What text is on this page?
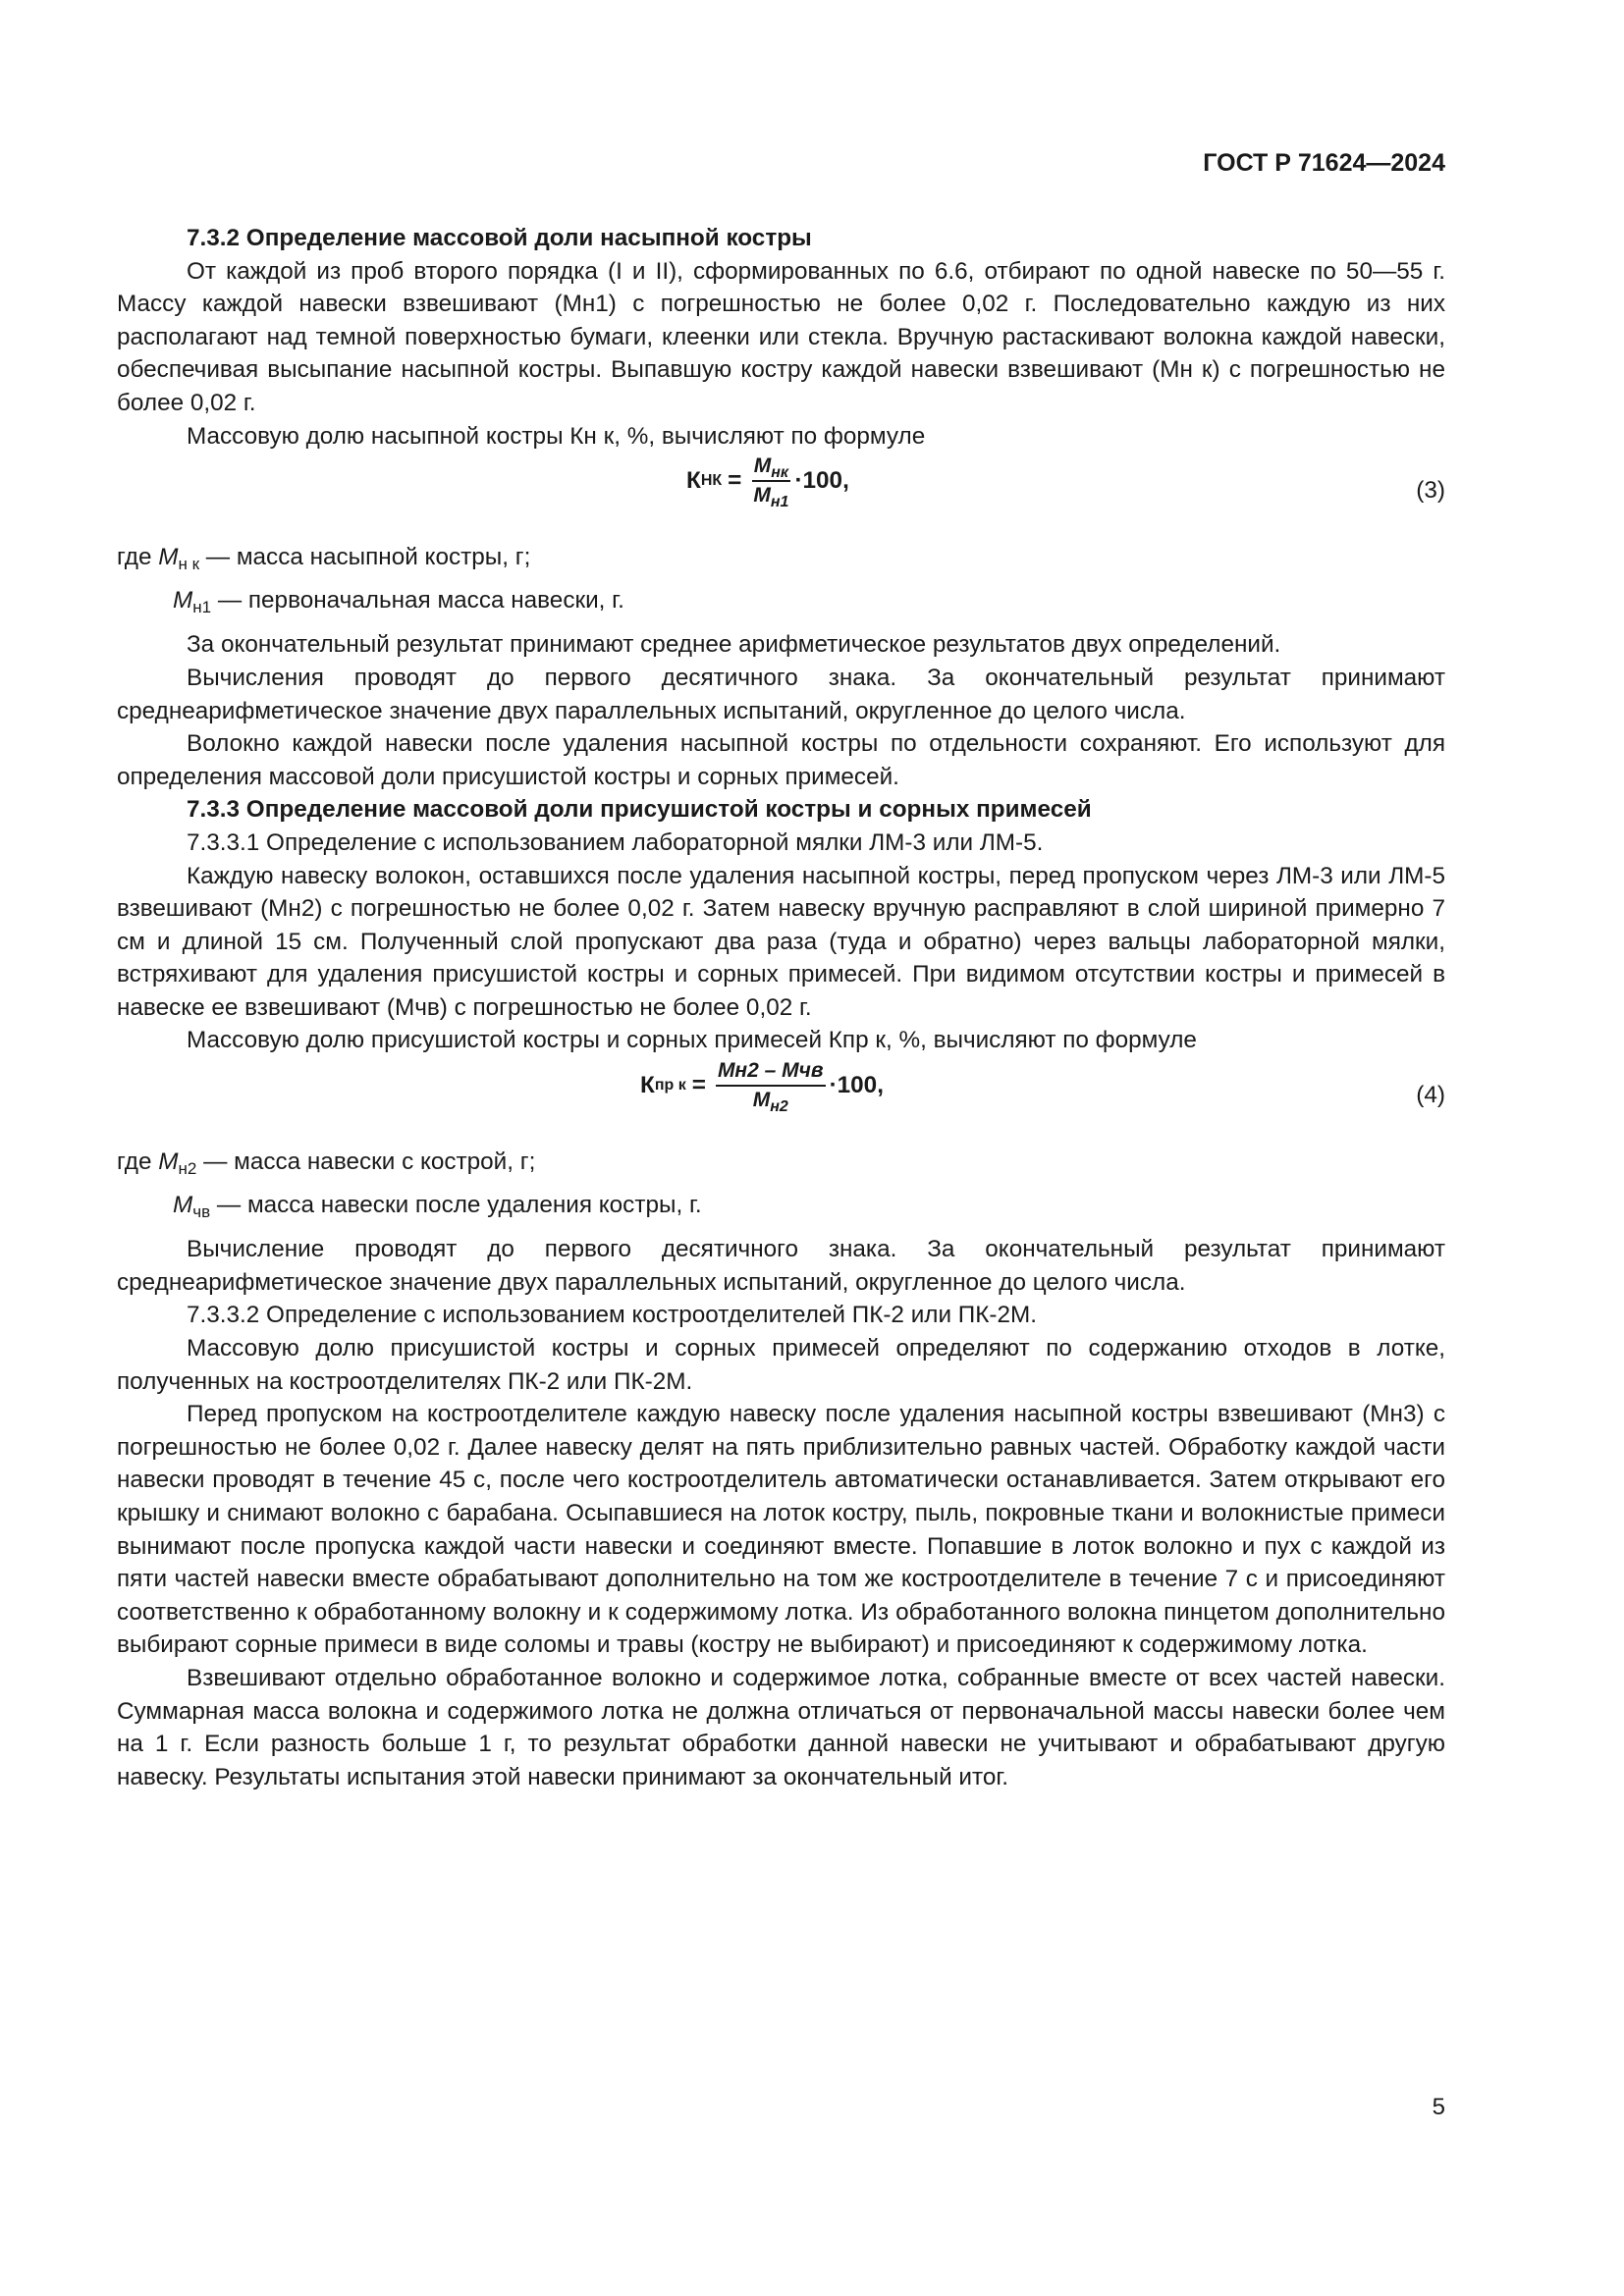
ГОСТ Р 71624—2024

7.3.2 Определение массовой доли насыпной костры

От каждой из проб второго порядка (I и II), сформированных по 6.6, отбирают по одной навеске по 50—55 г. Массу каждой навески взвешивают (Mн1) с погрешностью не более 0,02 г. Последовательно каждую из них располагают над темной поверхностью бумаги, клеенки или стекла. Вручную растаскивают волокна каждой навески, обеспечивая высыпание насыпной костры. Выпавшую костру каждой навески взвешивают (Mн к) с погрешностью не более 0,02 г.

Массовую долю насыпной костры Кн к, %, вычисляют по формуле

К НК = $\frac{M_{нк}}{M_{н1}} \cdot 100$,	(3)

где $M_{н к}$ — масса насыпной костры, г;

$M_{н1}$ — первоначальная масса навески, г.

За окончательный результат принимают среднее арифметическое результатов двух определений.

Вычисления проводят до первого десятичного знака. За окончательный результат принимают среднеарифметическое значение двух параллельных испытаний, округленное до целого числа.

Волокно каждой навески после удаления насыпной костры по отдельности сохраняют. Его используют для определения массовой доли присушистой костры и сорных примесей.

7.3.3 Определение массовой доли присушистой костры и сорных примесей

7.3.3.1 Определение с использованием лабораторной мялки ЛМ-3 или ЛМ-5.

Каждую навеску волокон, оставшихся после удаления насыпной костры, перед пропуском через ЛМ-3 или ЛМ-5 взвешивают (Mн2) с погрешностью не более 0,02 г. Затем навеску вручную расправляют в слой шириной примерно 7 см и длиной 15 см. Полученный слой пропускают два раза (туда и обратно) через вальцы лабораторной мялки, встряхивают для удаления присушистой костры и сорных примесей. При видимом отсутствии костры и примесей в навеске ее взвешивают (Mчв) с погрешностью не более 0,02 г.

Массовую долю присушистой костры и сорных примесей Кпр к, %, вычисляют по формуле

К пр $к = \frac{\text{Mн2 – Mчв}}{M_{н2}} \cdot 100$,	(4)

где $M_{н2}$ — масса навески с кострой, г;

$M_{чв}$ — масса навески после удаления костры, г.

Вычисление проводят до первого десятичного знака. За окончательный результат принимают среднеарифметическое значение двух параллельных испытаний, округленное до целого числа.

7.3.3.2 Определение с использованием костроотделителей ПК-2 или ПК-2М.

Массовую долю присушистой костры и сорных примесей определяют по содержанию отходов в лотке, полученных на костроотделителях ПК-2 или ПК-2М.

Перед пропуском на костроотделителе каждую навеску после удаления насыпной костры взвешивают (Mн3) с погрешностью не более 0,02 г. Далее навеску делят на пять приблизительно равных частей. Обработку каждой части навески проводят в течение 45 с, после чего костроотделитель автоматически останавливается. Затем открывают его крышку и снимают волокно с барабана. Осыпавшиеся на лоток костру, пыль, покровные ткани и волокнистые примеси вынимают после пропуска каждой части навески и соединяют вместе. Попавшие в лоток волокно и пух с каждой из пяти частей навески вместе обрабатывают дополнительно на том же костроотделителе в течение 7 с и присоединяют соответственно к обработанному волокну и к содержимому лотка. Из обработанного волокна пинцетом дополнительно выбирают сорные примеси в виде соломы и травы (костру не выбирают) и присоединяют к содержимому лотка.

Взвешивают отдельно обработанное волокно и содержимое лотка, собранные вместе от всех частей навески. Суммарная масса волокна и содержимого лотка не должна отличаться от первоначальной массы навески более чем на 1 г. Если разность больше 1 г, то результат обработки данной навески не учитывают и обрабатывают другую навеску. Результаты испытания этой навески принимают за окончательный итог.

5
